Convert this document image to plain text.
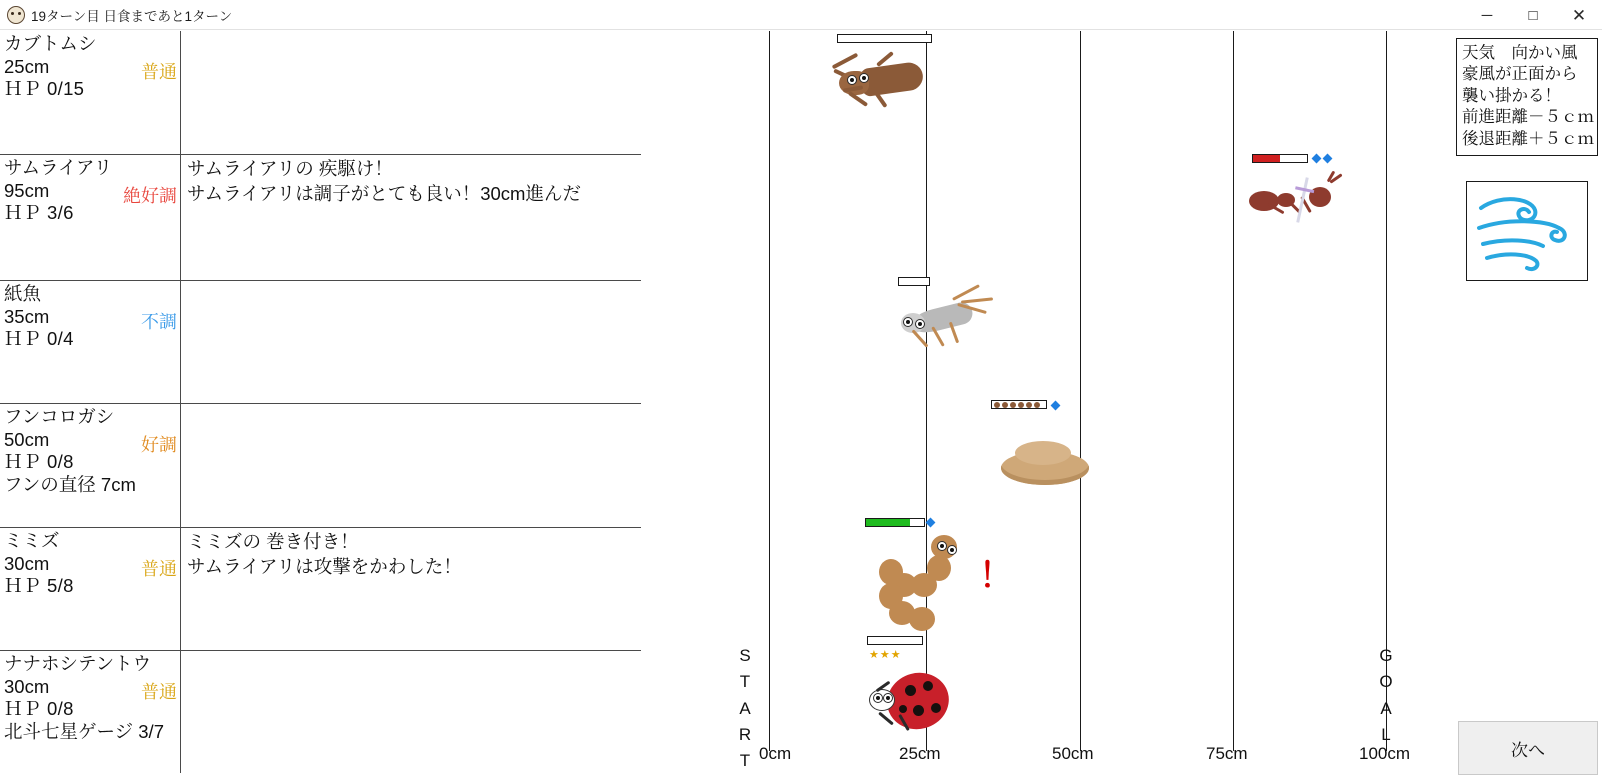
19ターン目 日食まであと1ターン	─	□	✕
カブトムシ
25cm
ＨＰ 0/15
普通
サムライアリ
95cm
ＨＰ 3/6
絶好調
サムライアリの 疾駆け！
サムライアリは調子がとても良い！30cm進んだ
紙魚
35cm
ＨＰ 0/4
不調
フンコロガシ
50cm
ＨＰ 0/8
フンの直径 7cm
好調
ミミズ
30cm
ＨＰ 5/8
普通
ミミズの 巻き付き！
サムライアリは攻撃をかわした！
ナナホシテントウ
30cm
ＨＰ 0/8
北斗七星ゲージ 3/7
普通
0cm	25cm	50cm	75cm	100cm
S
T
A
R
T
G
O
A
L
！
★★★
天気　向かい風
豪風が正面から
襲い掛かる！
前進距離－５ｃｍ
後退距離＋５ｃｍ
次へ
